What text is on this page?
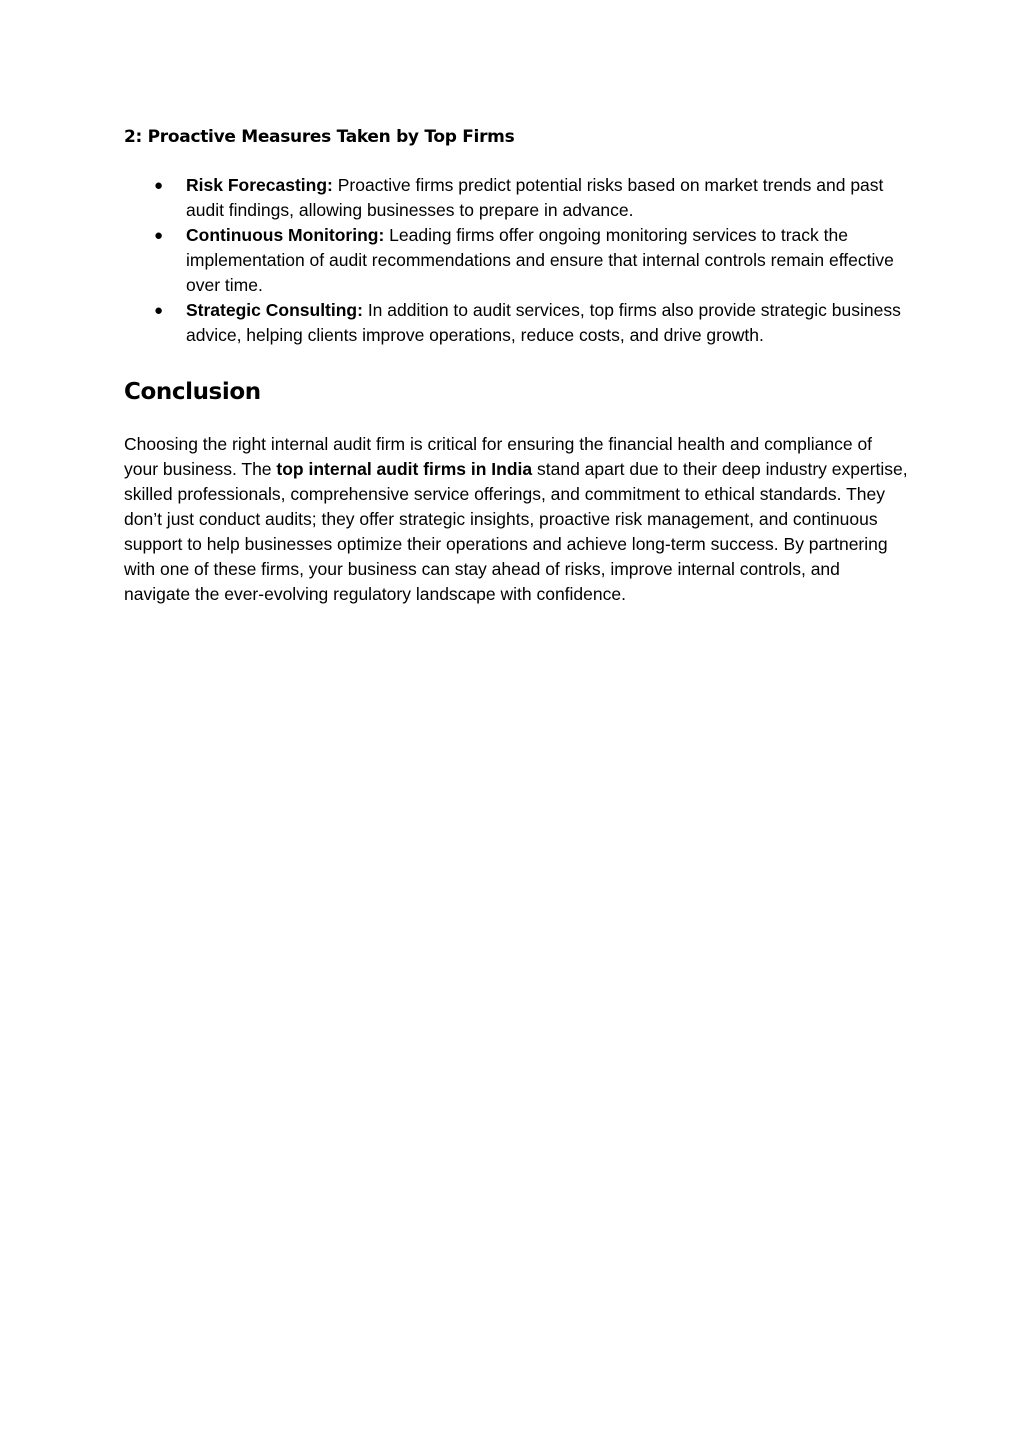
2: Proactive Measures Taken by Top Firms
● Risk Forecasting: Proactive firms predict potential risks based on market trends and past audit findings, allowing businesses to prepare in advance.
● Continuous Monitoring: Leading firms offer ongoing monitoring services to track the implementation of audit recommendations and ensure that internal controls remain effective over time.
● Strategic Consulting: In addition to audit services, top firms also provide strategic business advice, helping clients improve operations, reduce costs, and drive growth.
Conclusion

Choosing the right internal audit firm is critical for ensuring the financial health and compliance of your business. The top internal audit firms in India stand apart due to their deep industry expertise, skilled professionals, comprehensive service offerings, and commitment to ethical standards. They don’t just conduct audits; they offer strategic insights, proactive risk management, and continuous support to help businesses optimize their operations and achieve long-term success. By partnering with one of these firms, your business can stay ahead of risks, improve internal controls, and navigate the ever-evolving regulatory landscape with confidence.
